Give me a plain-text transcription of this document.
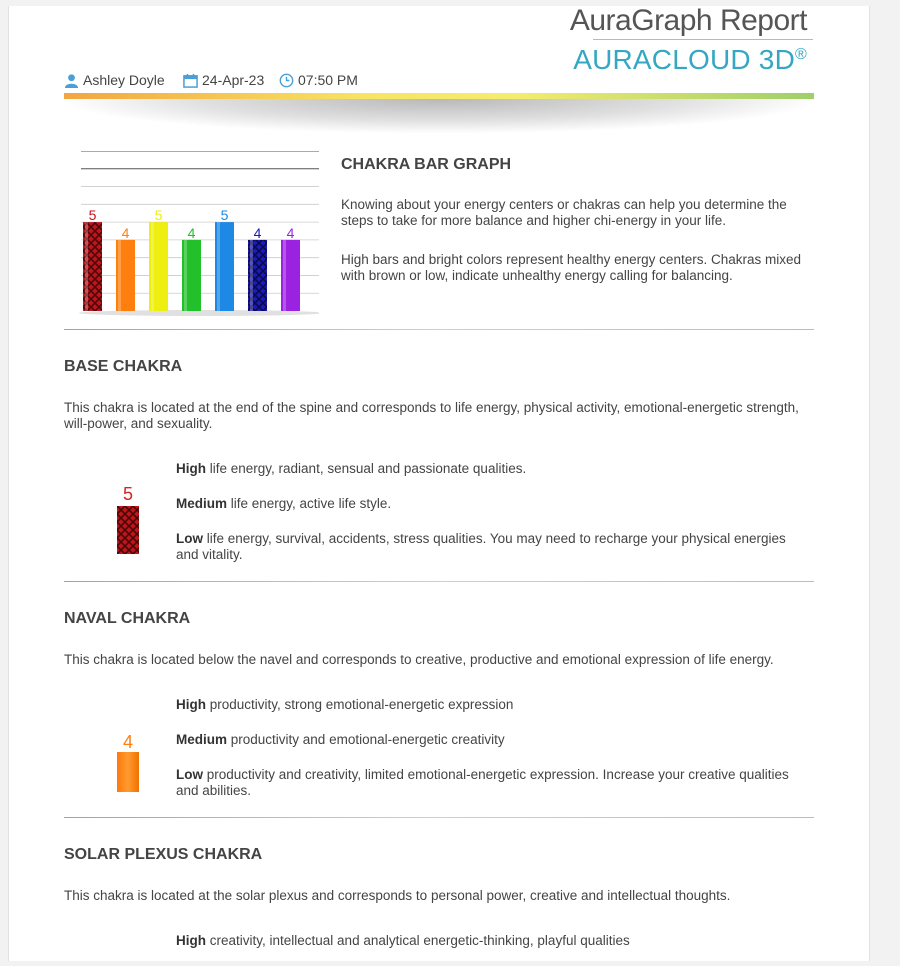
AuraGraph Report
AURACLOUD 3D®
Ashley Doyle	24-Apr-23 07:50 PM
5
4
5
4
5
4 4
CHAKRA BAR GRAPH
Knowing about your energy centers or chakras can help you determine the steps to take for more balance and higher chi-energy in your life.
High bars and bright colors represent healthy energy centers. Chakras mixed with brown or low, indicate unhealthy energy calling for balancing.
BASE CHAKRA
This chakra is located at the end of the spine and corresponds to life energy, physical activity, emotional-energetic strength, will-power, and sexuality.
5
High life energy, radiant, sensual and passionate qualities.
Medium life energy, active life style.
Low life energy, survival, accidents, stress qualities. You may need to recharge your physical energies and vitality.
NAVAL CHAKRA
This chakra is located below the navel and corresponds to creative, productive and emotional expression of life energy.
4
High productivity, strong emotional-energetic expression
Medium productivity and emotional-energetic creativity
Low productivity and creativity, limited emotional-energetic expression. Increase your creative qualities and abilities.
SOLAR PLEXUS CHAKRA
This chakra is located at the solar plexus and corresponds to personal power, creative and intellectual thoughts.
High creativity, intellectual and analytical energetic-thinking, playful qualities
